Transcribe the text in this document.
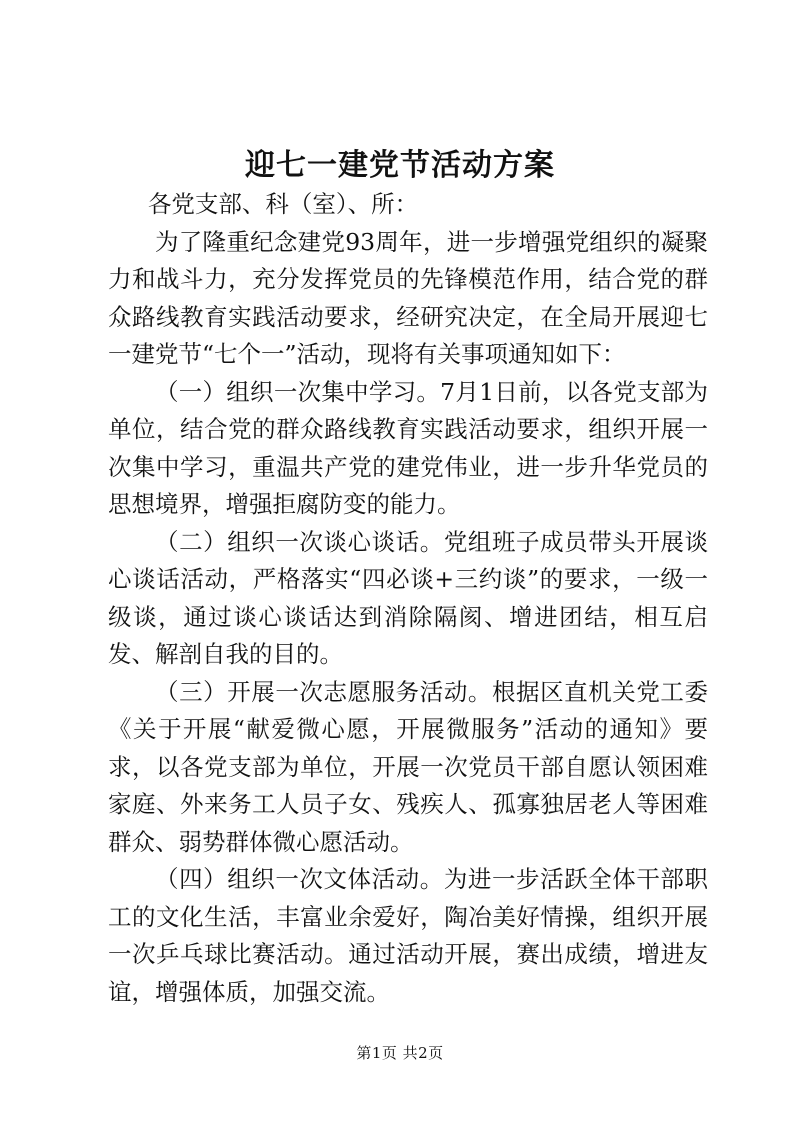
迎七一建党节活动方案

各党支部、科（室）、所：

为了隆重纪念建党93周年，进一步增强党组织的凝聚力和战斗力，充分发挥党员的先锋模范作用，结合党的群众路线教育实践活动要求，经研究决定，在全局开展迎七一建党节“七个一”活动，现将有关事项通知如下：

（一）组织一次集中学习。7月1日前，以各党支部为单位，结合党的群众路线教育实践活动要求，组织开展一次集中学习，重温共产党的建党伟业，进一步升华党员的思想境界，增强拒腐防变的能力。

（二）组织一次谈心谈话。党组班子成员带头开展谈心谈话活动，严格落实“四必谈+三约谈”的要求，一级一级谈，通过谈心谈话达到消除隔阂、增进团结，相互启发、解剖自我的目的。

（三）开展一次志愿服务活动。根据区直机关党工委《关于开展“献爱微心愿，开展微服务”活动的通知》要求，以各党支部为单位，开展一次党员干部自愿认领困难家庭、外来务工人员子女、残疾人、孤寡独居老人等困难群众、弱势群体微心愿活动。

（四）组织一次文体活动。为进一步活跃全体干部职工的文化生活，丰富业余爱好，陶冶美好情操，组织开展一次乒乓球比赛活动。通过活动开展，赛出成绩，增进友谊，增强体质，加强交流。

第1页 共2页
